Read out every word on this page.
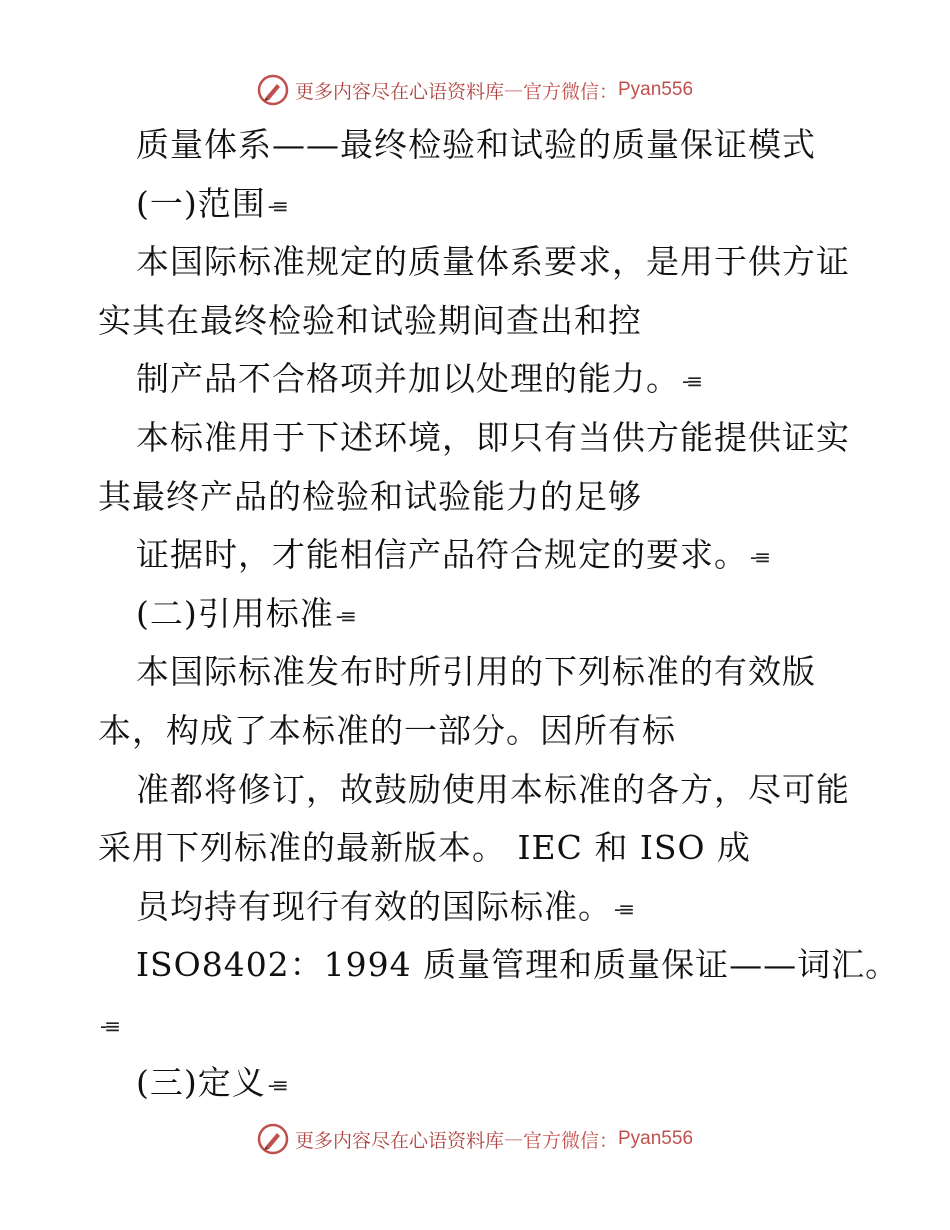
更多内容尽在心语资料库 — 官方微信： Pyan556
质量体系——最终检验和试验的质量保证模式
(一)范围 -≡
本国际标准规定的质量体系要求，是用于供方证
实其在最终检验和试验期间查出和控
制产品不合格项并加以处理的能力。 -≡
本标准用于下述环境，即只有当供方能提供证实
其最终产品的检验和试验能力的足够
证据时，才能相信产品符合规定的要求。 -≡
(二)引用标准 -≡
本国际标准发布时所引用的下列标准的有效版
本，构成了本标准的一部分。因所有标
准都将修订，故鼓励使用本标准的各方，尽可能
采用下列标准的最新版本。 IEC 和 ISO 成
员均持有现行有效的国际标准。 -≡
ISO8402：1994 质量管理和质量保证——词汇。
-≡
(三)定义 -≡
更多内容尽在心语资料库 — 官方微信： Pyan556
